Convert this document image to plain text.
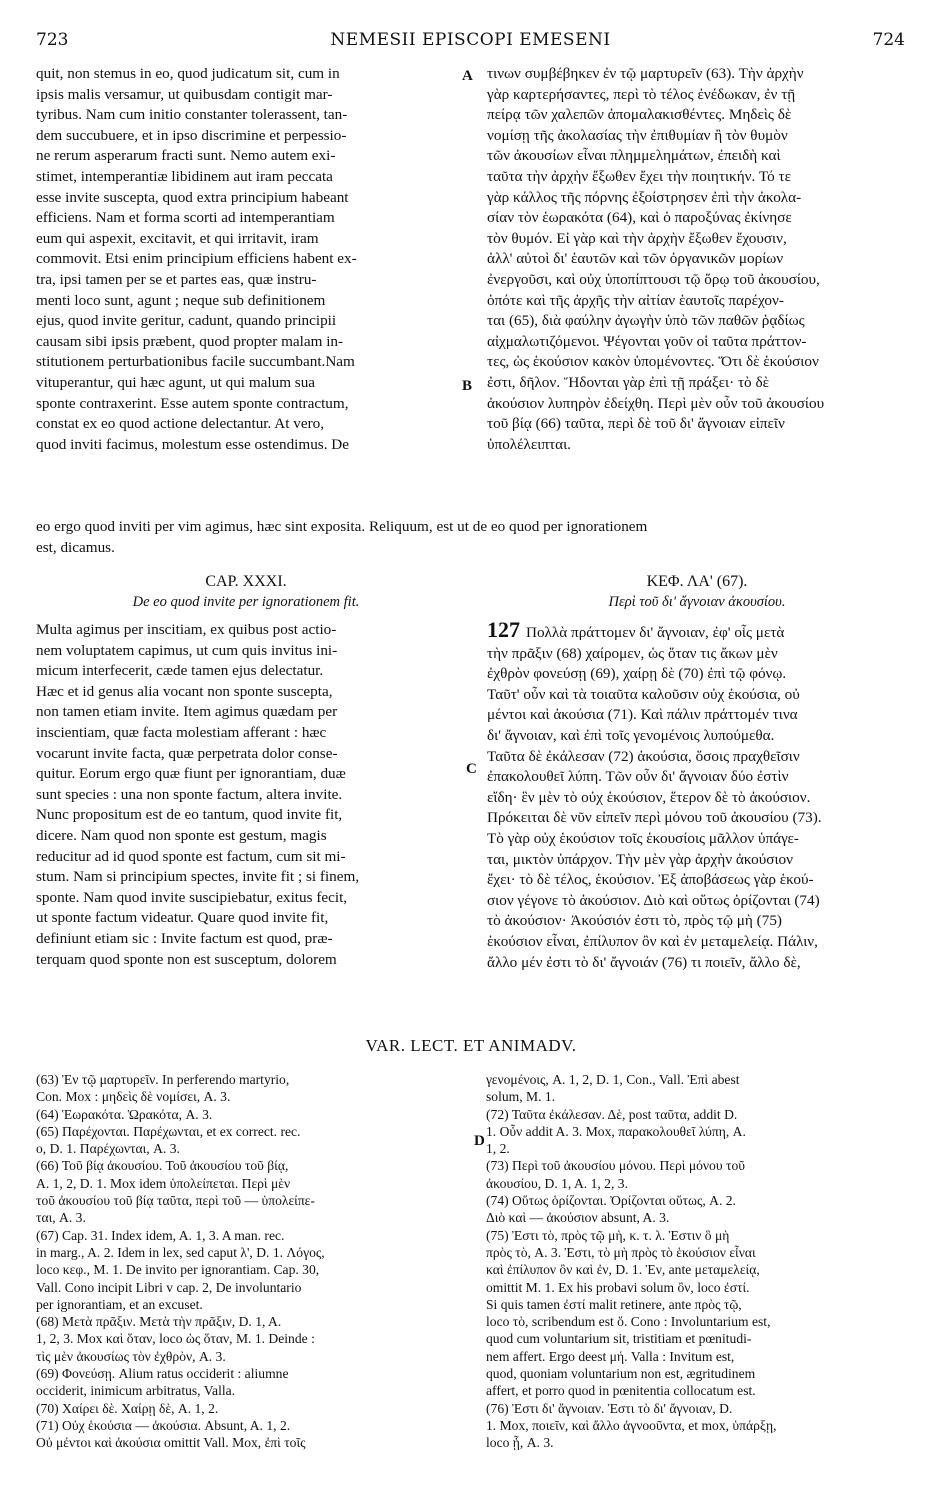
723	NEMESII EPISCOPI EMESENI	724
quit, non stemus in eo, quod judicatum sit, cum in
ipsis malis versamur, ut quibusdam contigit mar-
tyribus. Nam cum initio constanter tolerassent, tan-
dem succubuere, et in ipso discrimine et perpessio-
ne rerum asperarum fracti sunt. Nemo autem exi-
stimet, intemperantiæ libidinem aut iram peccata
esse invite suscepta, quod extra principium habeant
efficiens. Nam et forma scorti ad intemperantiam
eum qui aspexit, excitavit, et qui irritavit, iram
commovit. Etsi enim principium efficiens habent ex-
tra, ipsi tamen per se et partes eas, quæ instru-
menti loco sunt, agunt ; neque sub definitionem
ejus, quod invite geritur, cadunt, quando principii
causam sibi ipsis præbent, quod propter malam in-
stitutionem perturbationibus facile succumbant.Nam
vituperantur, qui hæc agunt, ut qui malum sua
sponte contraxerint. Esse autem sponte contractum,
constat ex eo quod actione delectantur. At vero,
quod inviti facimus, molestum esse ostendimus. De
τινων συμβέβηκεν ἐν τῷ μαρτυρεῖν (63). Τὴν ἀρχὴν
γὰρ καρτερήσαντες, περὶ τὸ τέλος ἐνέδωκαν, ἐν τῇ
πείρᾳ τῶν χαλεπῶν ἀπομαλακισθέντες. Μηδεὶς δὲ
νομίσῃ τῆς ἀκολασίας τὴν ἐπιθυμίαν ἢ τὸν θυμὸν
τῶν ἀκουσίων εἶναι πλημμελημάτων, ἐπειδὴ καὶ
ταῦτα τὴν ἀρχὴν ἔξωθεν ἔχει τὴν ποιητικήν. Τό τε
γὰρ κάλλος τῆς πόρνης ἐξοίστρησεν ἐπὶ τὴν ἀκολα-
σίαν τὸν ἑωρακότα (64), καὶ ὁ παροξύνας ἐκίνησε
τὸν θυμόν. Εἰ γὰρ καὶ τὴν ἀρχὴν ἔξωθεν ἔχουσιν,
ἀλλ' αὐτοὶ δι' ἑαυτῶν καὶ τῶν ὀργανικῶν μορίων
ἐνεργοῦσι, καὶ οὐχ ὑποπίπτουσι τῷ ὅρῳ τοῦ ἀκουσίου,
ὁπότε καὶ τῆς ἀρχῆς τὴν αἰτίαν ἑαυτοῖς παρέχον-
ται (65), διὰ φαύλην ἀγωγὴν ὑπὸ τῶν παθῶν ῥᾳδίως
αἰχμαλωτιζόμενοι. Ψέγονται γοῦν οἱ ταῦτα πράττον-
τες, ὡς ἑκούσιον κακὸν ὑπομένοντες. Ὅτι δὲ ἑκούσιον
ἐστι, δῆλον. Ἥδονται γὰρ ἐπὶ τῇ πράξει· τὸ δὲ
ἀκούσιον λυπηρὸν ἐδείχθη. Περὶ μὲν οὖν τοῦ ἀκουσίου
τοῦ βίᾳ (66) ταῦτα, περὶ δὲ τοῦ δι' ἄγνοιαν εἰπεῖν
ὑπολέλειπται.
A
B
C
D
eo ergo quod inviti per vim agimus, hæc sint exposita. Reliquum, est ut de eo quod per ignorationem
est, dicamus.
CAP. XXXI.
De eo quod invite per ignorationem fit.
ΚΕΦ. ΛΑ' (67).
Περὶ τοῦ δι' ἄγνοιαν ἀκουσίου.
Multa agimus per inscitiam, ex quibus post actio-
nem voluptatem capimus, ut cum quis invitus ini-
micum interfecerit, cæde tamen ejus delectatur.
Hæc et id genus alia vocant non sponte suscepta,
non tamen etiam invite. Item agimus quædam per
inscientiam, quæ facta molestiam afferant : hæc
vocarunt invite facta, quæ perpetrata dolor conse-
quitur. Eorum ergo quæ fiunt per ignorantiam, duæ
sunt species : una non sponte factum, altera invite.
Nunc propositum est de eo tantum, quod invite fit,
dicere. Nam quod non sponte est gestum, magis
reducitur ad id quod sponte est factum, cum sit mi-
stum. Nam si principium spectes, invite fit ; si finem,
sponte. Nam quod invite suscipiebatur, exitus fecit,
ut sponte factum videatur. Quare quod invite fit,
definiunt etiam sic : Invite factum est quod, præ-
terquam quod sponte non est susceptum, dolorem
127 Πολλὰ πράττομεν δι' ἄγνοιαν, ἐφ' οἷς μετὰ
τὴν πρᾶξιν (68) χαίρομεν, ὡς ὅταν τις ἄκων μὲν
ἐχθρὸν φονεύσῃ (69), χαίρῃ δὲ (70) ἐπὶ τῷ φόνῳ.
Ταῦτ' οὖν καὶ τὰ τοιαῦτα καλοῦσιν οὐχ ἑκούσια, οὐ
μέντοι καὶ ἀκούσια (71). Καὶ πάλιν πράττομέν τινα
δι' ἄγνοιαν, καὶ ἐπὶ τοῖς γενομένοις λυπούμεθα.
Ταῦτα δὲ ἐκάλεσαν (72) ἀκούσια, ὅσοις πραχθεῖσιν
ἐπακολουθεῖ λύπη. Τῶν οὖν δι' ἄγνοιαν δύο ἐστὶν
εἴδη· ἓν μὲν τὸ οὐχ ἑκούσιον, ἕτερον δὲ τὸ ἀκούσιον.
Πρόκειται δὲ νῦν εἰπεῖν περὶ μόνου τοῦ ἀκουσίου (73).
Τὸ γὰρ οὐχ ἑκούσιον τοῖς ἑκουσίοις μᾶλλον ὑπάγε-
ται, μικτὸν ὑπάρχον. Τὴν μὲν γὰρ ἀρχὴν ἀκούσιον
ἔχει· τὸ δὲ τέλος, ἑκούσιον. Ἐξ ἀποβάσεως γὰρ ἑκού-
σιον γέγονε τὸ ἀκούσιον. Διὸ καὶ οὕτως ὁρίζονται (74)
τὸ ἀκούσιον· Ἀκούσιόν ἐστι τὸ, πρὸς τῷ μὴ (75)
ἑκούσιον εἶναι, ἐπίλυπον ὂν καὶ ἐν μεταμελείᾳ. Πάλιν,
ἄλλο μέν ἐστι τὸ δι' ἄγνοιάν (76) τι ποιεῖν, ἄλλο δὲ,
VAR. LECT. ET ANIMADV.
(63) Ἐν τῷ μαρτυρεῖν. In perferendo martyrio,
Con. Mox : μηδεὶς δὲ νομίσει, A. 3.
(64) Ἑωρακότα. Ὡρακότα, A. 3.
(65) Παρέχονται. Παρέχωνται, et ex correct. rec.
o, D. 1. Παρέχωνται, A. 3.
(66) Τοῦ βίᾳ ἀκουσίου. Τοῦ ἀκουσίου τοῦ βίᾳ,
A. 1, 2, D. 1. Mox idem ὑπολείπεται. Περὶ μὲν
τοῦ ἀκουσίου τοῦ βίᾳ ταῦτα, περὶ τοῦ — ὑπολείπε-
ται, A. 3.
(67) Cap. 31. Index idem, A. 1, 3. A man. rec.
in marg., A. 2. Idem in lex, sed caput λ', D. 1. Λόγος,
loco κεφ., M. 1. De invito per ignorantiam. Cap. 30,
Vall. Cono incipit Libri v cap. 2, De involuntario
per ignorantiam, et an excuset.
(68) Μετὰ πρᾶξιν. Μετὰ τὴν πρᾶξιν, D. 1, A.
1, 2, 3. Mox καὶ ὅταν, loco ὡς ὅταν, M. 1. Deinde :
τὶς μὲν ἀκουσίως τὸν ἐχθρὸν, A. 3.
(69) Φονεύσῃ. Alium ratus occiderit : aliumne
occiderit, inimicum arbitratus, Valla.
(70) Χαίρει δὲ. Χαίρῃ δὲ, A. 1, 2.
(71) Οὐχ ἑκούσια — ἀκούσια. Absunt, A. 1, 2.
Οὐ μέντοι καὶ ἀκούσια omittit Vall. Mox, ἐπὶ τοῖς
γενομένοις, A. 1, 2, D. 1, Con., Vall. Ἐπὶ abest
solum, M. 1.
(72) Ταῦτα ἐκάλεσαν. Δὲ, post ταῦτα, addit D.
1. Οὖν addit A. 3. Mox, παρακολουθεῖ λύπη, A.
1, 2.
(73) Περὶ τοῦ ἀκουσίου μόνου. Περὶ μόνου τοῦ
ἀκουσίου, D. 1, A. 1, 2, 3.
(74) Οὕτως ὁρίζονται. Ὀρίζονται οὕτως, A. 2.
Διὸ καὶ — ἀκούσιον absunt, A. 3.
(75) Ἐστι τὸ, πρὸς τῷ μὴ, κ. τ. λ. Ἐστιν ὃ μὴ
πρὸς τὸ, A. 3. Ἐστι, τὸ μὴ πρὸς τὸ ἑκούσιον εἶναι
καὶ ἐπίλυπον ὂν καὶ ἐν, D. 1. Ἐν, ante μεταμελείᾳ,
omittit M. 1. Ex his probavi solum ὂν, loco ἐστί.
Si quis tamen ἐστί malit retinere, ante πρὸς τῷ,
loco τὸ, scribendum est ὅ. Cono : Involuntarium est,
quod cum voluntarium sit, tristitiam et pœnitudi-
nem affert. Ergo deest μή. Valla : Invitum est,
quod, quoniam voluntarium non est, ægritudinem
affert, et porro quod in pœnitentia collocatum est.
(76) Ἐστι δι' ἄγνοιαν. Ἐστι τὸ δι' ἄγνοιαν, D.
1. Mox, ποιεῖν, καὶ ἄλλο ἀγνοοῦντα, et mox, ὑπάρξῃ,
loco ᾖ, A. 3.
